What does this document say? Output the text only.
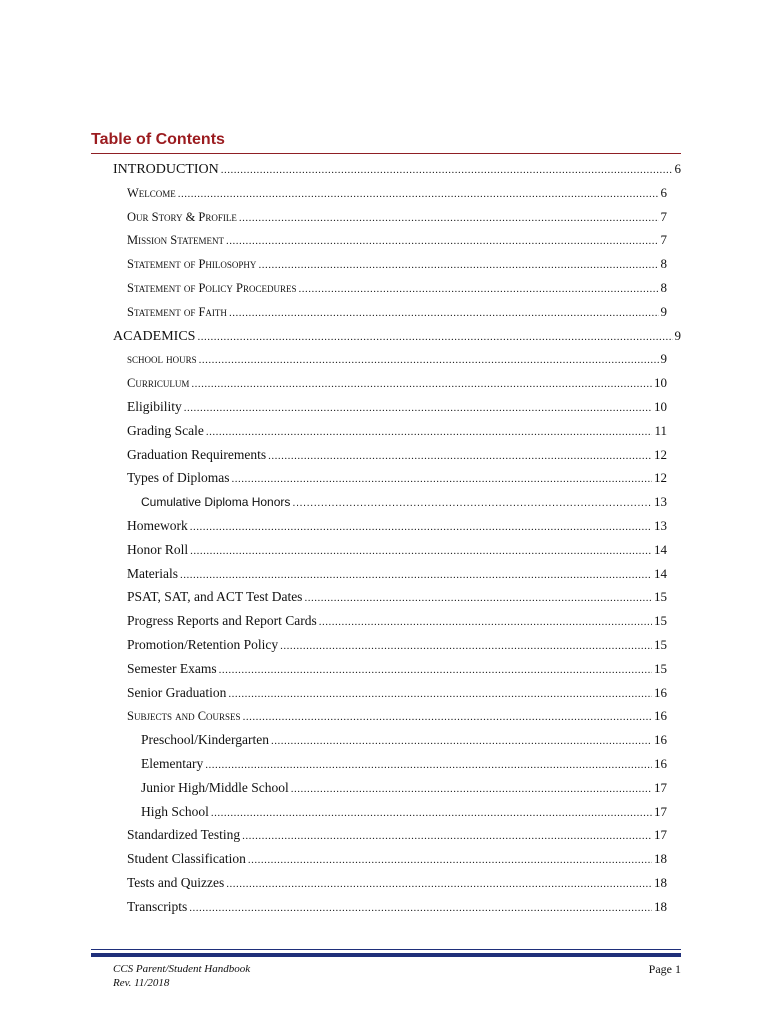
Table of Contents
INTRODUCTION .....	6
Welcome .....	6
Our Story & Profile .....	7
Mission Statement .....	7
Statement of Philosophy .....	8
Statement of Policy Procedures .....	8
Statement of Faith .....	9
ACADEMICS .....	9
school hours .....	9
Curriculum .....	10
Eligibility .....	10
Grading Scale .....	11
Graduation Requirements .....	12
Types of Diplomas .....	12
Cumulative Diploma Honors .....	13
Homework .....	13
Honor Roll .....	14
Materials .....	14
PSAT, SAT, and ACT Test Dates .....	15
Progress Reports and Report Cards .....	15
Promotion/Retention Policy .....	15
Semester Exams .....	15
Senior Graduation .....	16
Subjects and Courses .....	16
Preschool/Kindergarten .....	16
Elementary .....	16
Junior High/Middle School .....	17
High School .....	17
Standardized Testing .....	17
Student Classification .....	18
Tests and Quizzes .....	18
Transcripts .....	18
CCS Parent/Student Handbook
Rev. 11/2018
Page 1
